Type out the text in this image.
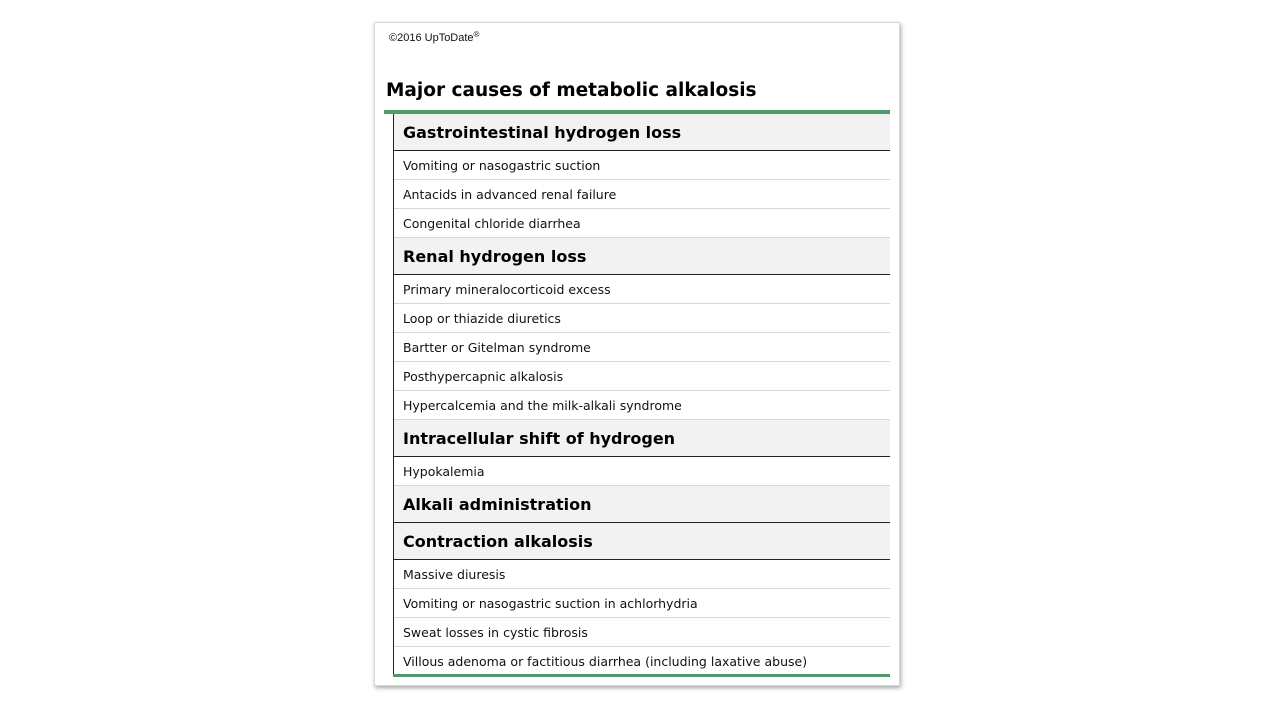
©2016 UpToDate®
Major causes of metabolic alkalosis
Gastrointestinal hydrogen loss
Vomiting or nasogastric suction
Antacids in advanced renal failure
Congenital chloride diarrhea
Renal hydrogen loss
Primary mineralocorticoid excess
Loop or thiazide diuretics
Bartter or Gitelman syndrome
Posthypercapnic alkalosis
Hypercalcemia and the milk-alkali syndrome
Intracellular shift of hydrogen
Hypokalemia
Alkali administration
Contraction alkalosis
Massive diuresis
Vomiting or nasogastric suction in achlorhydria
Sweat losses in cystic fibrosis
Villous adenoma or factitious diarrhea (including laxative abuse)
